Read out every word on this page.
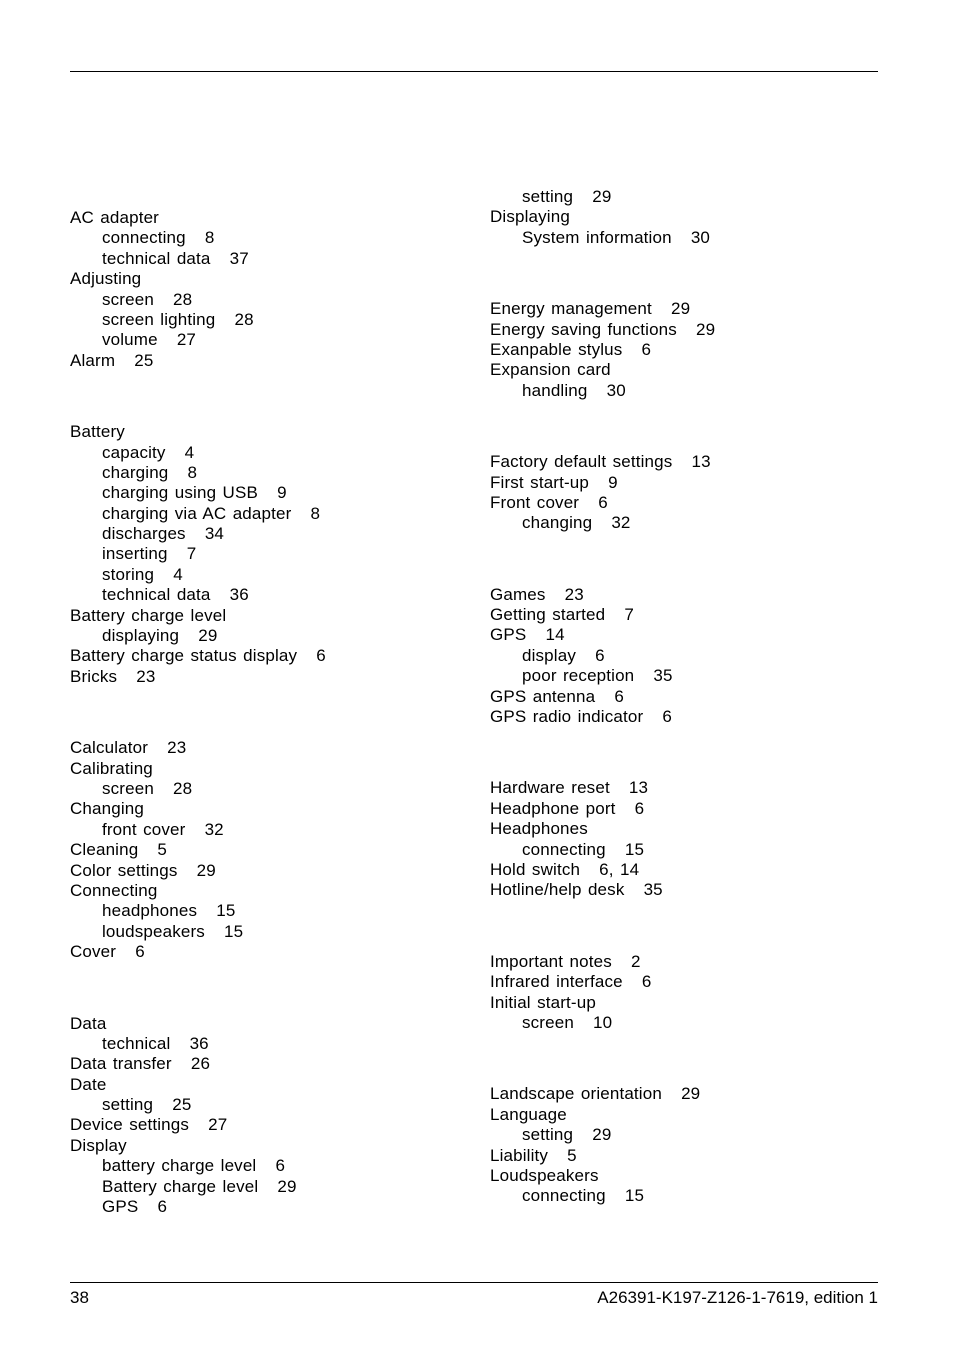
AC adapter
connecting   8
technical data   37
Adjusting
screen   28
screen lighting   28
volume   27
Alarm   25
Battery
capacity   4
charging   8
charging using USB   9
charging via AC adapter   8
discharges   34
inserting   7
storing   4
technical data   36
Battery charge level
displaying   29
Battery charge status display   6
Bricks   23
Calculator   23
Calibrating
screen   28
Changing
front cover   32
Cleaning   5
Color settings   29
Connecting
headphones   15
loudspeakers   15
Cover   6
Data
technical   36
Data transfer   26
Date
setting   25
Device settings   27
Display
battery charge level   6
Battery charge level   29
GPS   6
setting   29
Displaying
System information   30
Energy management   29
Energy saving functions   29
Exanpable stylus   6
Expansion card
handling   30
Factory default settings   13
First start-up   9
Front cover   6
changing   32
Games   23
Getting started   7
GPS   14
display   6
poor reception   35
GPS antenna   6
GPS radio indicator   6
Hardware reset   13
Headphone port   6
Headphones
connecting   15
Hold switch   6, 14
Hotline/help desk   35
Important notes   2
Infrared interface   6
Initial start-up
screen   10
Landscape orientation   29
Language
setting   29
Liability   5
Loudspeakers
connecting   15
38	A26391-K197-Z126-1-7619, edition 1
